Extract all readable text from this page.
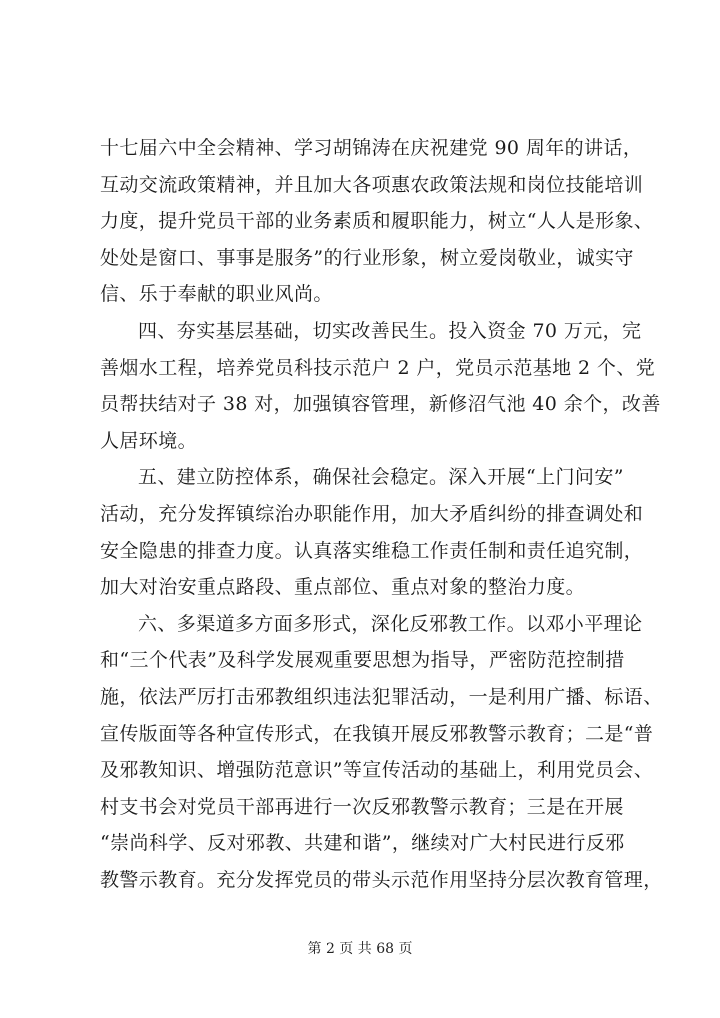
十七届六中全会精神、学习胡锦涛在庆祝建党 90 周年的讲话，
互动交流政策精神，并且加大各项惠农政策法规和岗位技能培训
力度，提升党员干部的业务素质和履职能力，树立“人人是形象、
处处是窗口、事事是服务”的行业形象，树立爱岗敬业，诚实守
信、乐于奉献的职业风尚。
四、夯实基层基础，切实改善民生。投入资金 70 万元，完
善烟水工程，培养党员科技示范户 2 户，党员示范基地 2 个、党
员帮扶结对子 38 对，加强镇容管理，新修沼气池 40 余个，改善
人居环境。
五、建立防控体系，确保社会稳定。深入开展“上门问安”
活动，充分发挥镇综治办职能作用，加大矛盾纠纷的排查调处和
安全隐患的排查力度。认真落实维稳工作责任制和责任追究制，
加大对治安重点路段、重点部位、重点对象的整治力度。
六、多渠道多方面多形式，深化反邪教工作。以邓小平理论
和“三个代表”及科学发展观重要思想为指导，严密防范控制措
施，依法严厉打击邪教组织违法犯罪活动，一是利用广播、标语、
宣传版面等各种宣传形式，在我镇开展反邪教警示教育；二是“普
及邪教知识、增强防范意识”等宣传活动的基础上，利用党员会、
村支书会对党员干部再进行一次反邪教警示教育；三是在开展
“崇尚科学、反对邪教、共建和谐”，继续对广大村民进行反邪
教警示教育。充分发挥党员的带头示范作用坚持分层次教育管理，
第 2 页 共 68 页
